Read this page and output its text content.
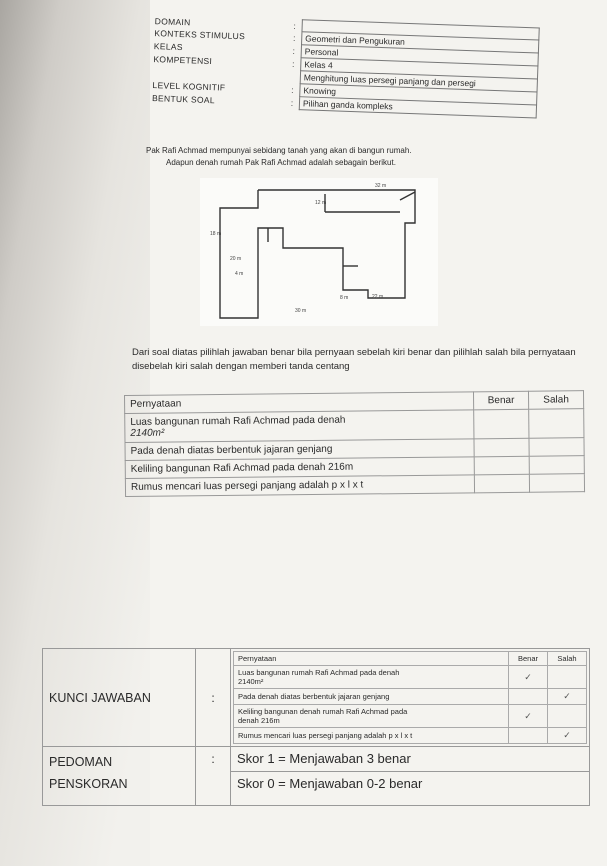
DOMAIN	:	
KONTEKS STIMULUS	:	Geometri dan Pengukuran
KELAS	:	Personal
KOMPETENSI	:	Kelas 4
		Menghitung luas persegi panjang dan persegi
LEVEL KOGNITIF	:	Knowing
BENTUK SOAL	:	Pilihan ganda kompleks
Pak Rafi Achmad mempunyai sebidang tanah yang akan di bangun rumah.
Adapun denah rumah Pak Rafi Achmad adalah sebagain berikut.
32 m
12 m
18 m
20 m
4 m
22 m
8 m
30 m
Dari soal diatas pilihlah jawaban benar bila pernyaan sebelah kiri benar dan pilihlah salah bila pernyataan disebelah kiri salah dengan memberi tanda centang
Pernyataan	Benar	Salah

Luas bangunan rumah Rafi Achmad pada denah
2140m²		

Pada denah diatas berbentuk jajaran genjang		

Keliling bangunan Rafi Achmad pada denah 216m		

Rumus mencari luas persegi panjang adalah p x l x t		

KUNCI JAWABAN	:	
Pernyataan	Benar	Salah

Luas bangunan rumah Rafi Achmad pada denah
2140m²	✓	

Pada denah diatas berbentuk jajaran genjang		✓

Keliling bangunan denah rumah Rafi Achmad pada
denah 216m	✓	

Rumus mencari luas persegi panjang adalah p x l x t		✓

PEDOMAN	:	Skor 1 = Menjawaban 3 benar
PENSKORAN		Skor 0 = Menjawaban 0-2 benar
